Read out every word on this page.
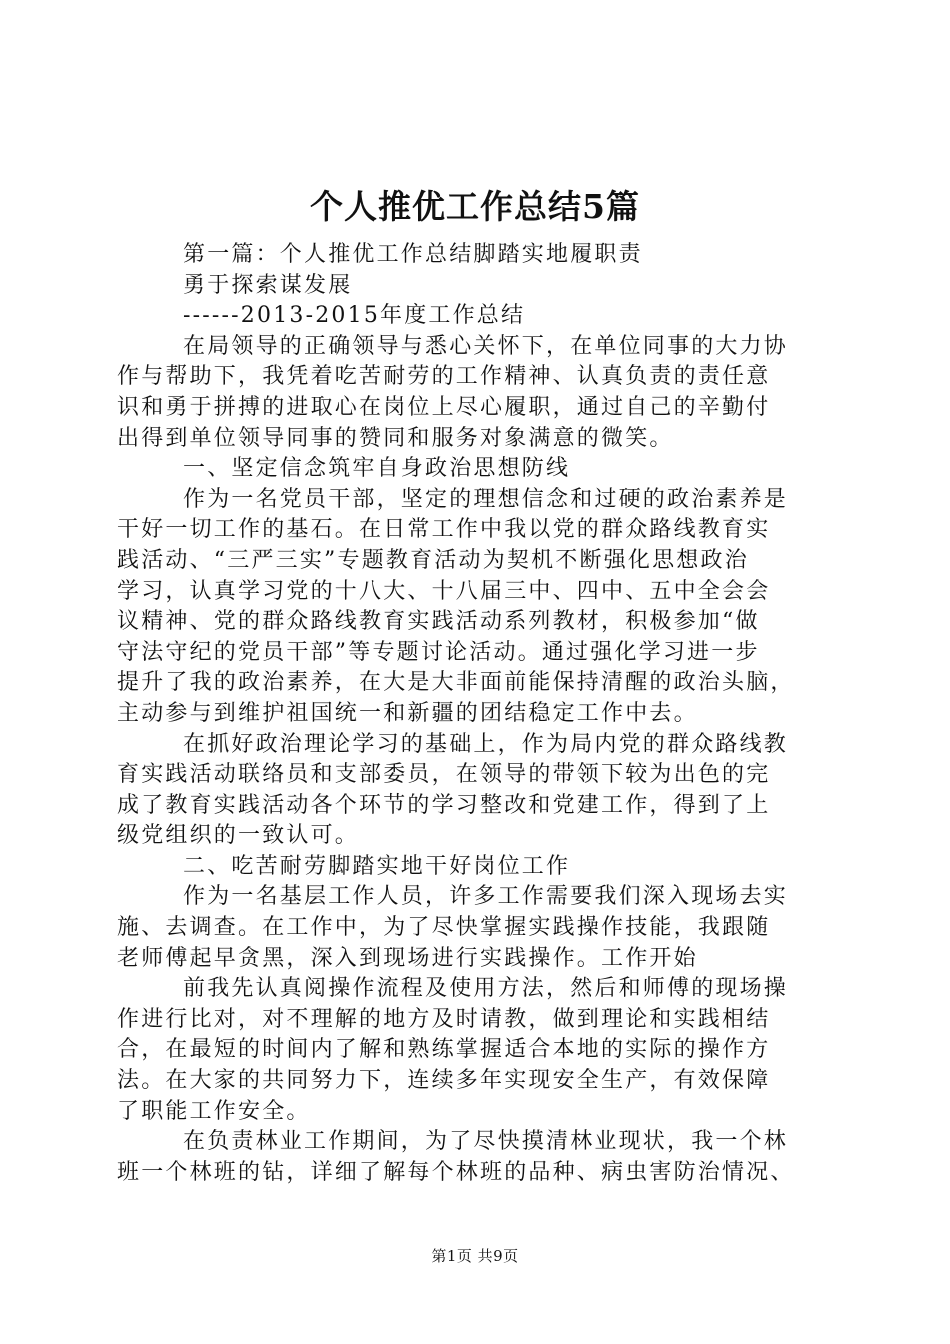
个人推优工作总结5篇
第一篇：个人推优工作总结脚踏实地履职责
勇于探索谋发展
------2013-2015年度工作总结
在局领导的正确领导与悉心关怀下，在单位同事的大力协
作与帮助下，我凭着吃苦耐劳的工作精神、认真负责的责任意
识和勇于拼搏的进取心在岗位上尽心履职，通过自己的辛勤付
出得到单位领导同事的赞同和服务对象满意的微笑。
一、坚定信念筑牢自身政治思想防线
作为一名党员干部，坚定的理想信念和过硬的政治素养是
干好一切工作的基石。在日常工作中我以党的群众路线教育实
践活动、“三严三实”专题教育活动为契机不断强化思想政治
学习，认真学习党的十八大、十八届三中、四中、五中全会会
议精神、党的群众路线教育实践活动系列教材，积极参加“做
守法守纪的党员干部”等专题讨论活动。通过强化学习进一步
提升了我的政治素养，在大是大非面前能保持清醒的政治头脑，
主动参与到维护祖国统一和新疆的团结稳定工作中去。
在抓好政治理论学习的基础上，作为局内党的群众路线教
育实践活动联络员和支部委员，在领导的带领下较为出色的完
成了教育实践活动各个环节的学习整改和党建工作，得到了上
级党组织的一致认可。
二、吃苦耐劳脚踏实地干好岗位工作
作为一名基层工作人员，许多工作需要我们深入现场去实
施、去调查。在工作中，为了尽快掌握实践操作技能，我跟随
老师傅起早贪黑，深入到现场进行实践操作。工作开始
前我先认真阅操作流程及使用方法，然后和师傅的现场操
作进行比对，对不理解的地方及时请教，做到理论和实践相结
合，在最短的时间内了解和熟练掌握适合本地的实际的操作方
法。在大家的共同努力下，连续多年实现安全生产，有效保障
了职能工作安全。
在负责林业工作期间，为了尽快摸清林业现状，我一个林
班一个林班的钻，详细了解每个林班的品种、病虫害防治情况、
第1页 共9页
